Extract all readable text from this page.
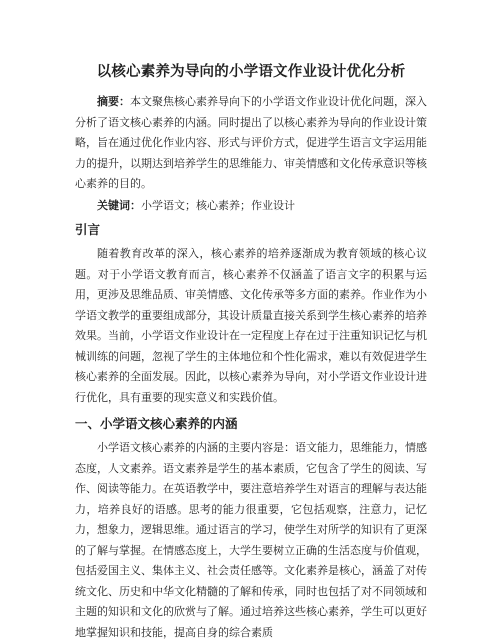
以核心素养为导向的小学语文作业设计优化分析

摘要：本文聚焦核心素养导向下的小学语文作业设计优化问题，深入分析了语文核心素养的内涵。同时提出了以核心素养为导向的作业设计策略，旨在通过优化作业内容、形式与评价方式，促进学生语言文字运用能力的提升，以期达到培养学生的思维能力、审美情感和文化传承意识等核心素养的目的。

关键词：小学语文；核心素养；作业设计

引言

随着教育改革的深入，核心素养的培养逐渐成为教育领域的核心议题。对于小学语文教育而言，核心素养不仅涵盖了语言文字的积累与运用，更涉及思维品质、审美情感、文化传承等多方面的素养。作业作为小学语文教学的重要组成部分，其设计质量直接关系到学生核心素养的培养效果。当前，小学语文作业设计在一定程度上存在过于注重知识记忆与机械训练的问题，忽视了学生的主体地位和个性化需求，难以有效促进学生核心素养的全面发展。因此，以核心素养为导向，对小学语文作业设计进行优化，具有重要的现实意义和实践价值。

一、小学语文核心素养的内涵

小学语文核心素养的内涵的主要内容是：语文能力，思维能力，情感态度，人文素养。语文素养是学生的基本素质，它包含了学生的阅读、写作、阅读等能力。在英语教学中，要注意培养学生对语言的理解与表达能力，培养良好的语感。思考的能力很重要，它包括观察，注意力，记忆力，想象力，逻辑思维。通过语言的学习，使学生对所学的知识有了更深的了解与掌握。在情感态度上，大学生要树立正确的生活态度与价值观，包括爱国主义、集体主义、社会责任感等。文化素养是核心，涵盖了对传统文化、历史和中华文化精髓的了解和传承，同时也包括了对不同领域和主题的知识和文化的欣赏与了解。通过培养这些核心素养，学生可以更好地掌握知识和技能，提高自身的综合素质
